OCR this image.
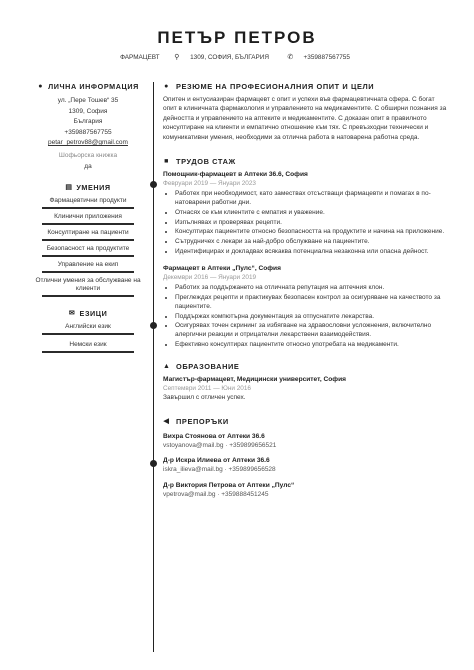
ПЕТЪР ПЕТРОВ
ФАРМАЦЕВТ ⚲ 1309, СОФИЯ, БЪЛГАРИЯ	✆ +359887567755
● ЛИЧНА ИНФОРМАЦИЯ

ул. „Пере Тошев“ 35

1309, София

България

+359887567755

petar_petrov88@gmail.com

Шофьорска книжка

да

▤ УМЕНИЯ
Фармацевтични продукти
Клинични приложения
Консултиране на пациенти
Безопасност на продуктите
Управление на екип
Отлични умения за обслужване на клиенти
✉ ЕЗИЦИ
Английски език
Немски език
● РЕЗЮМЕ НА ПРОФЕСИОНАЛНИЯ ОПИТ И ЦЕЛИ

Опитен и ентусиазиран фармацевт с опит и успехи във фармацевтичната сфера. С богат опит в клиничната фармакология и управлението на медикаментите. С обширни познания за дейността и управлението на аптеките и медикаментите. С доказан опит в правилното консултиране на клиенти и емпатично отношение към тях. С превъзходни технически и комуникативни умения, необходими за отлична работа в натоварена работна среда.

■ ТРУДОВ СТАЖ
Помощник-фармацевт в Аптеки 36.6, София
Февруари 2019 — Януари 2023
• Работех при необходимост, като замествах отсъстващи фармацевти и помагах в по-натоварени работни дни.
• Отнасях се към клиентите с емпатия и уважение.
• Изпълнявах и проверявах рецепти.
• Консултирах пациентите относно безопасността на продуктите и начина на приложение.
• Сътрудничех с лекари за най-добро обслужване на пациентите.
• Идентифицирах и докладвах всякаква потенциална незаконна или опасна дейност.
Фармацевт в Аптеки „Пулс“, София
Декември 2016 — Януари 2019
• Работих за поддържането на отличната репутация на аптечния клон.
• Преглеждах рецепти и практикувах безопасен контрол за осигуряване на качеството за пациентите.
• Поддържах компютърна документация за отпуснатите лекарства.
• Осигурявах точен скрининг за избягване на здравословни усложнения, включително алергични реакции и отрицателни лекарствени взаимодействия.
• Ефективно консултирах пациентите относно употребата на медикаменти.
▲ ОБРАЗОВАНИЕ
Магистър-фармацевт, Медицински университет, София
Септември 2011 — Юни 2016

Завършил с отличен успех.

◀ ПРЕПОРЪКИ
Вихра Стоянова от Аптеки 36.6

vstoyanova@mail.bg · +359899656521

Д-р Искра Илиева от Аптеки 36.6

iskra_ilieva@mail.bg · +359899656528

Д-р Виктория Петрова от Аптеки „Пулс“

vpetrova@mail.bg · +359888451245
